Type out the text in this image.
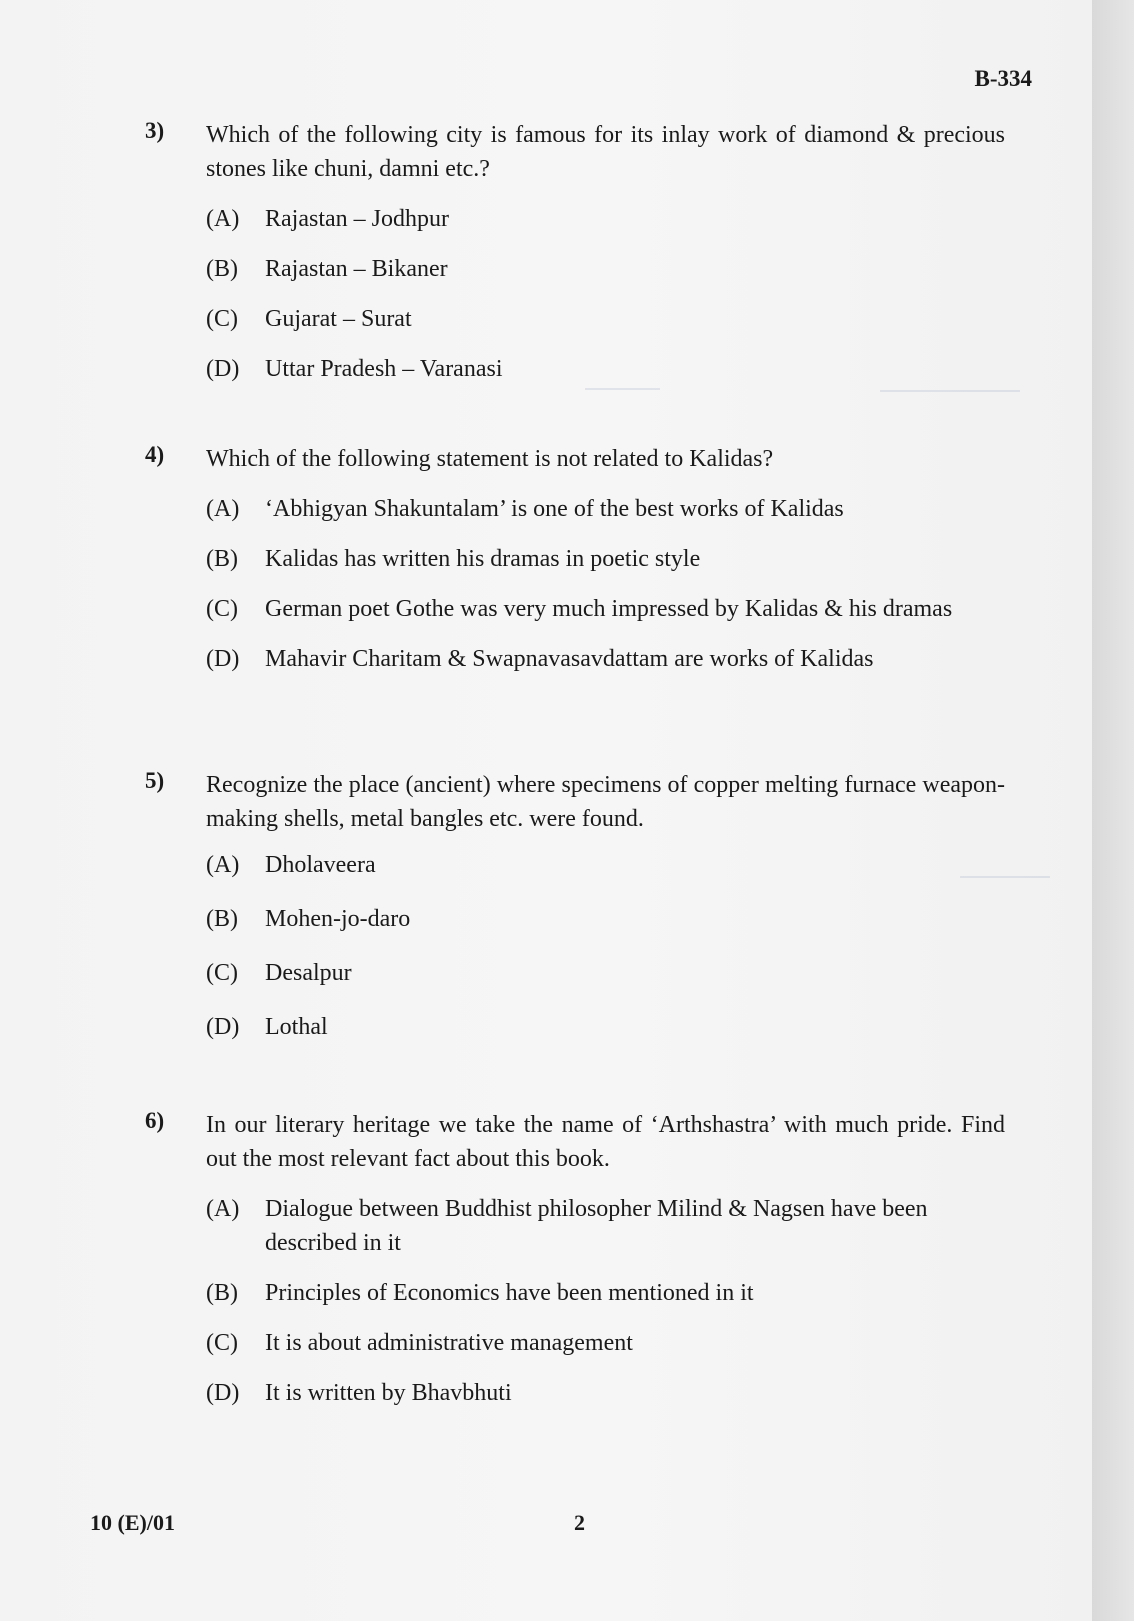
B-334
3) Which of the following city is famous for its inlay work of diamond & precious stones like chuni, damni etc.?
(A)	Rajastan – Jodhpur
(B)	Rajastan – Bikaner
(C)	Gujarat – Surat
(D)	Uttar Pradesh – Varanasi
4) Which of the following statement is not related to Kalidas?
(A)	‘Abhigyan Shakuntalam’ is one of the best works of Kalidas
(B)	Kalidas has written his dramas in poetic style
(C)	German poet Gothe was very much impressed by Kalidas & his dramas
(D)	Mahavir Charitam & Swapnavasavdattam are works of Kalidas
5) Recognize the place (ancient) where specimens of copper melting furnace weapon-making shells, metal bangles etc. were found.
(A)	Dholaveera
(B)	Mohen-jo-daro
(C)	Desalpur
(D)	Lothal
6) In our literary heritage we take the name of ‘Arthshastra’ with much pride. Find out the most relevant fact about this book.
(A)	Dialogue between Buddhist philosopher Milind & Nagsen have been described in it
(B)	Principles of Economics have been mentioned in it
(C)	It is about administrative management
(D)	It is written by Bhavbhuti
10 (E)/01	2
